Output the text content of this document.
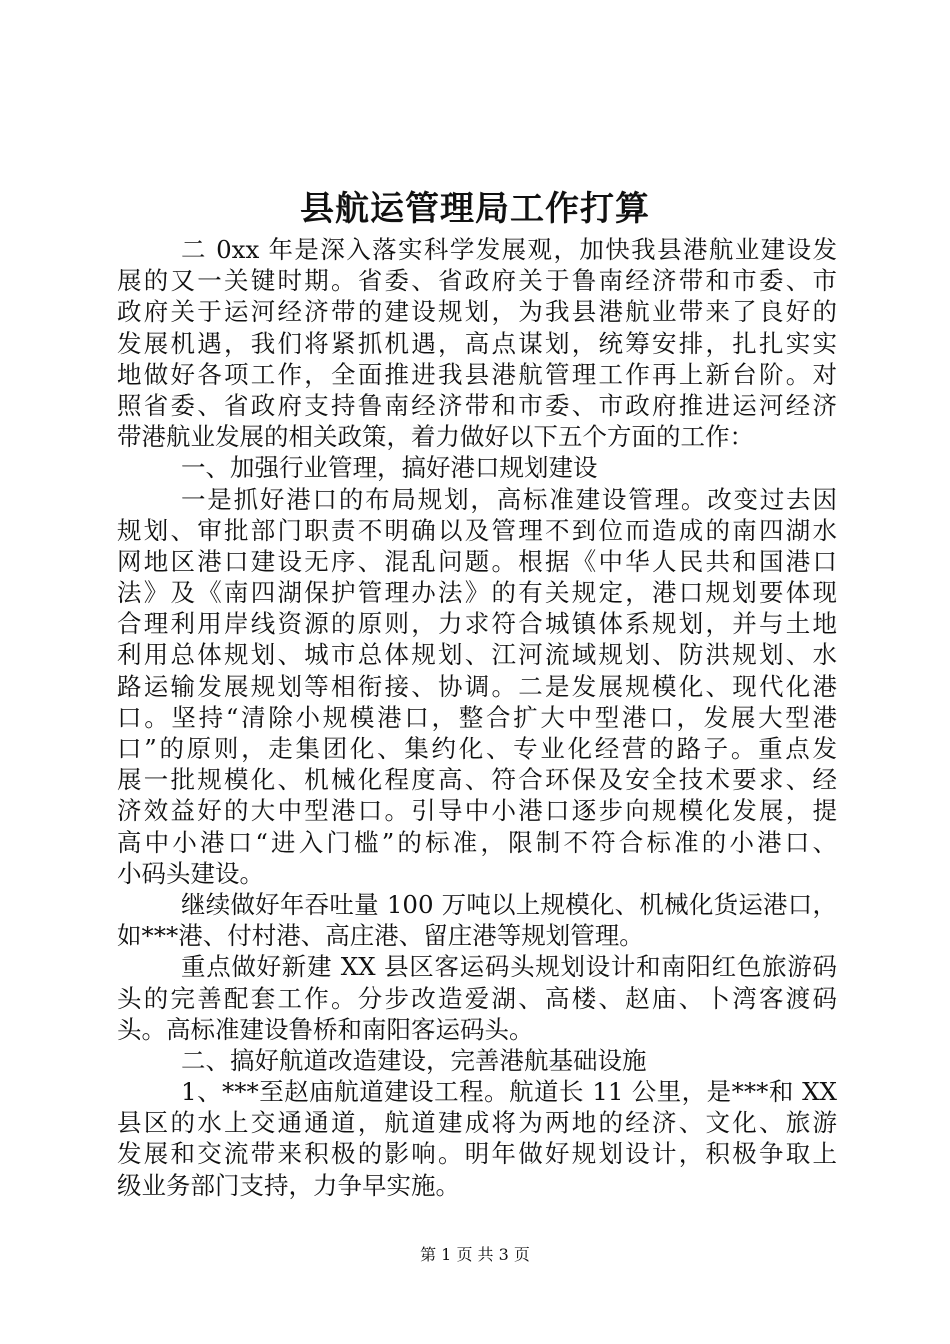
县航运管理局工作打算
二 0xx 年是深入落实科学发展观，加快我县港航业建设发
展的又一关键时期。省委、省政府关于鲁南经济带和市委、市
政府关于运河经济带的建设规划，为我县港航业带来了良好的
发展机遇，我们将紧抓机遇，高点谋划，统筹安排，扎扎实实
地做好各项工作，全面推进我县港航管理工作再上新台阶。对
照省委、省政府支持鲁南经济带和市委、市政府推进运河经济
带港航业发展的相关政策，着力做好以下五个方面的工作：
一、加强行业管理，搞好港口规划建设
一是抓好港口的布局规划，高标准建设管理。改变过去因
规划、审批部门职责不明确以及管理不到位而造成的南四湖水
网地区港口建设无序、混乱问题。根据《中华人民共和国港口
法》及《南四湖保护管理办法》的有关规定，港口规划要体现
合理利用岸线资源的原则，力求符合城镇体系规划，并与土地
利用总体规划、城市总体规划、江河流域规划、防洪规划、水
路运输发展规划等相衔接、协调。二是发展规模化、现代化港
口。坚持“清除小规模港口，整合扩大中型港口，发展大型港
口”的原则，走集团化、集约化、专业化经营的路子。重点发
展一批规模化、机械化程度高、符合环保及安全技术要求、经
济效益好的大中型港口。引导中小港口逐步向规模化发展，提
高中小港口“进入门槛”的标准，限制不符合标准的小港口、
小码头建设。
继续做好年吞吐量 100 万吨以上规模化、机械化货运港口，
如***港、付村港、高庄港、留庄港等规划管理。
重点做好新建 XX 县区客运码头规划设计和南阳红色旅游码
头的完善配套工作。分步改造爱湖、高楼、赵庙、卜湾客渡码
头。高标准建设鲁桥和南阳客运码头。
二、搞好航道改造建设，完善港航基础设施
1、***至赵庙航道建设工程。航道长 11 公里，是***和 XX
县区的水上交通通道，航道建成将为两地的经济、文化、旅游
发展和交流带来积极的影响。明年做好规划设计，积极争取上
级业务部门支持，力争早实施。
第 1 页 共 3 页
